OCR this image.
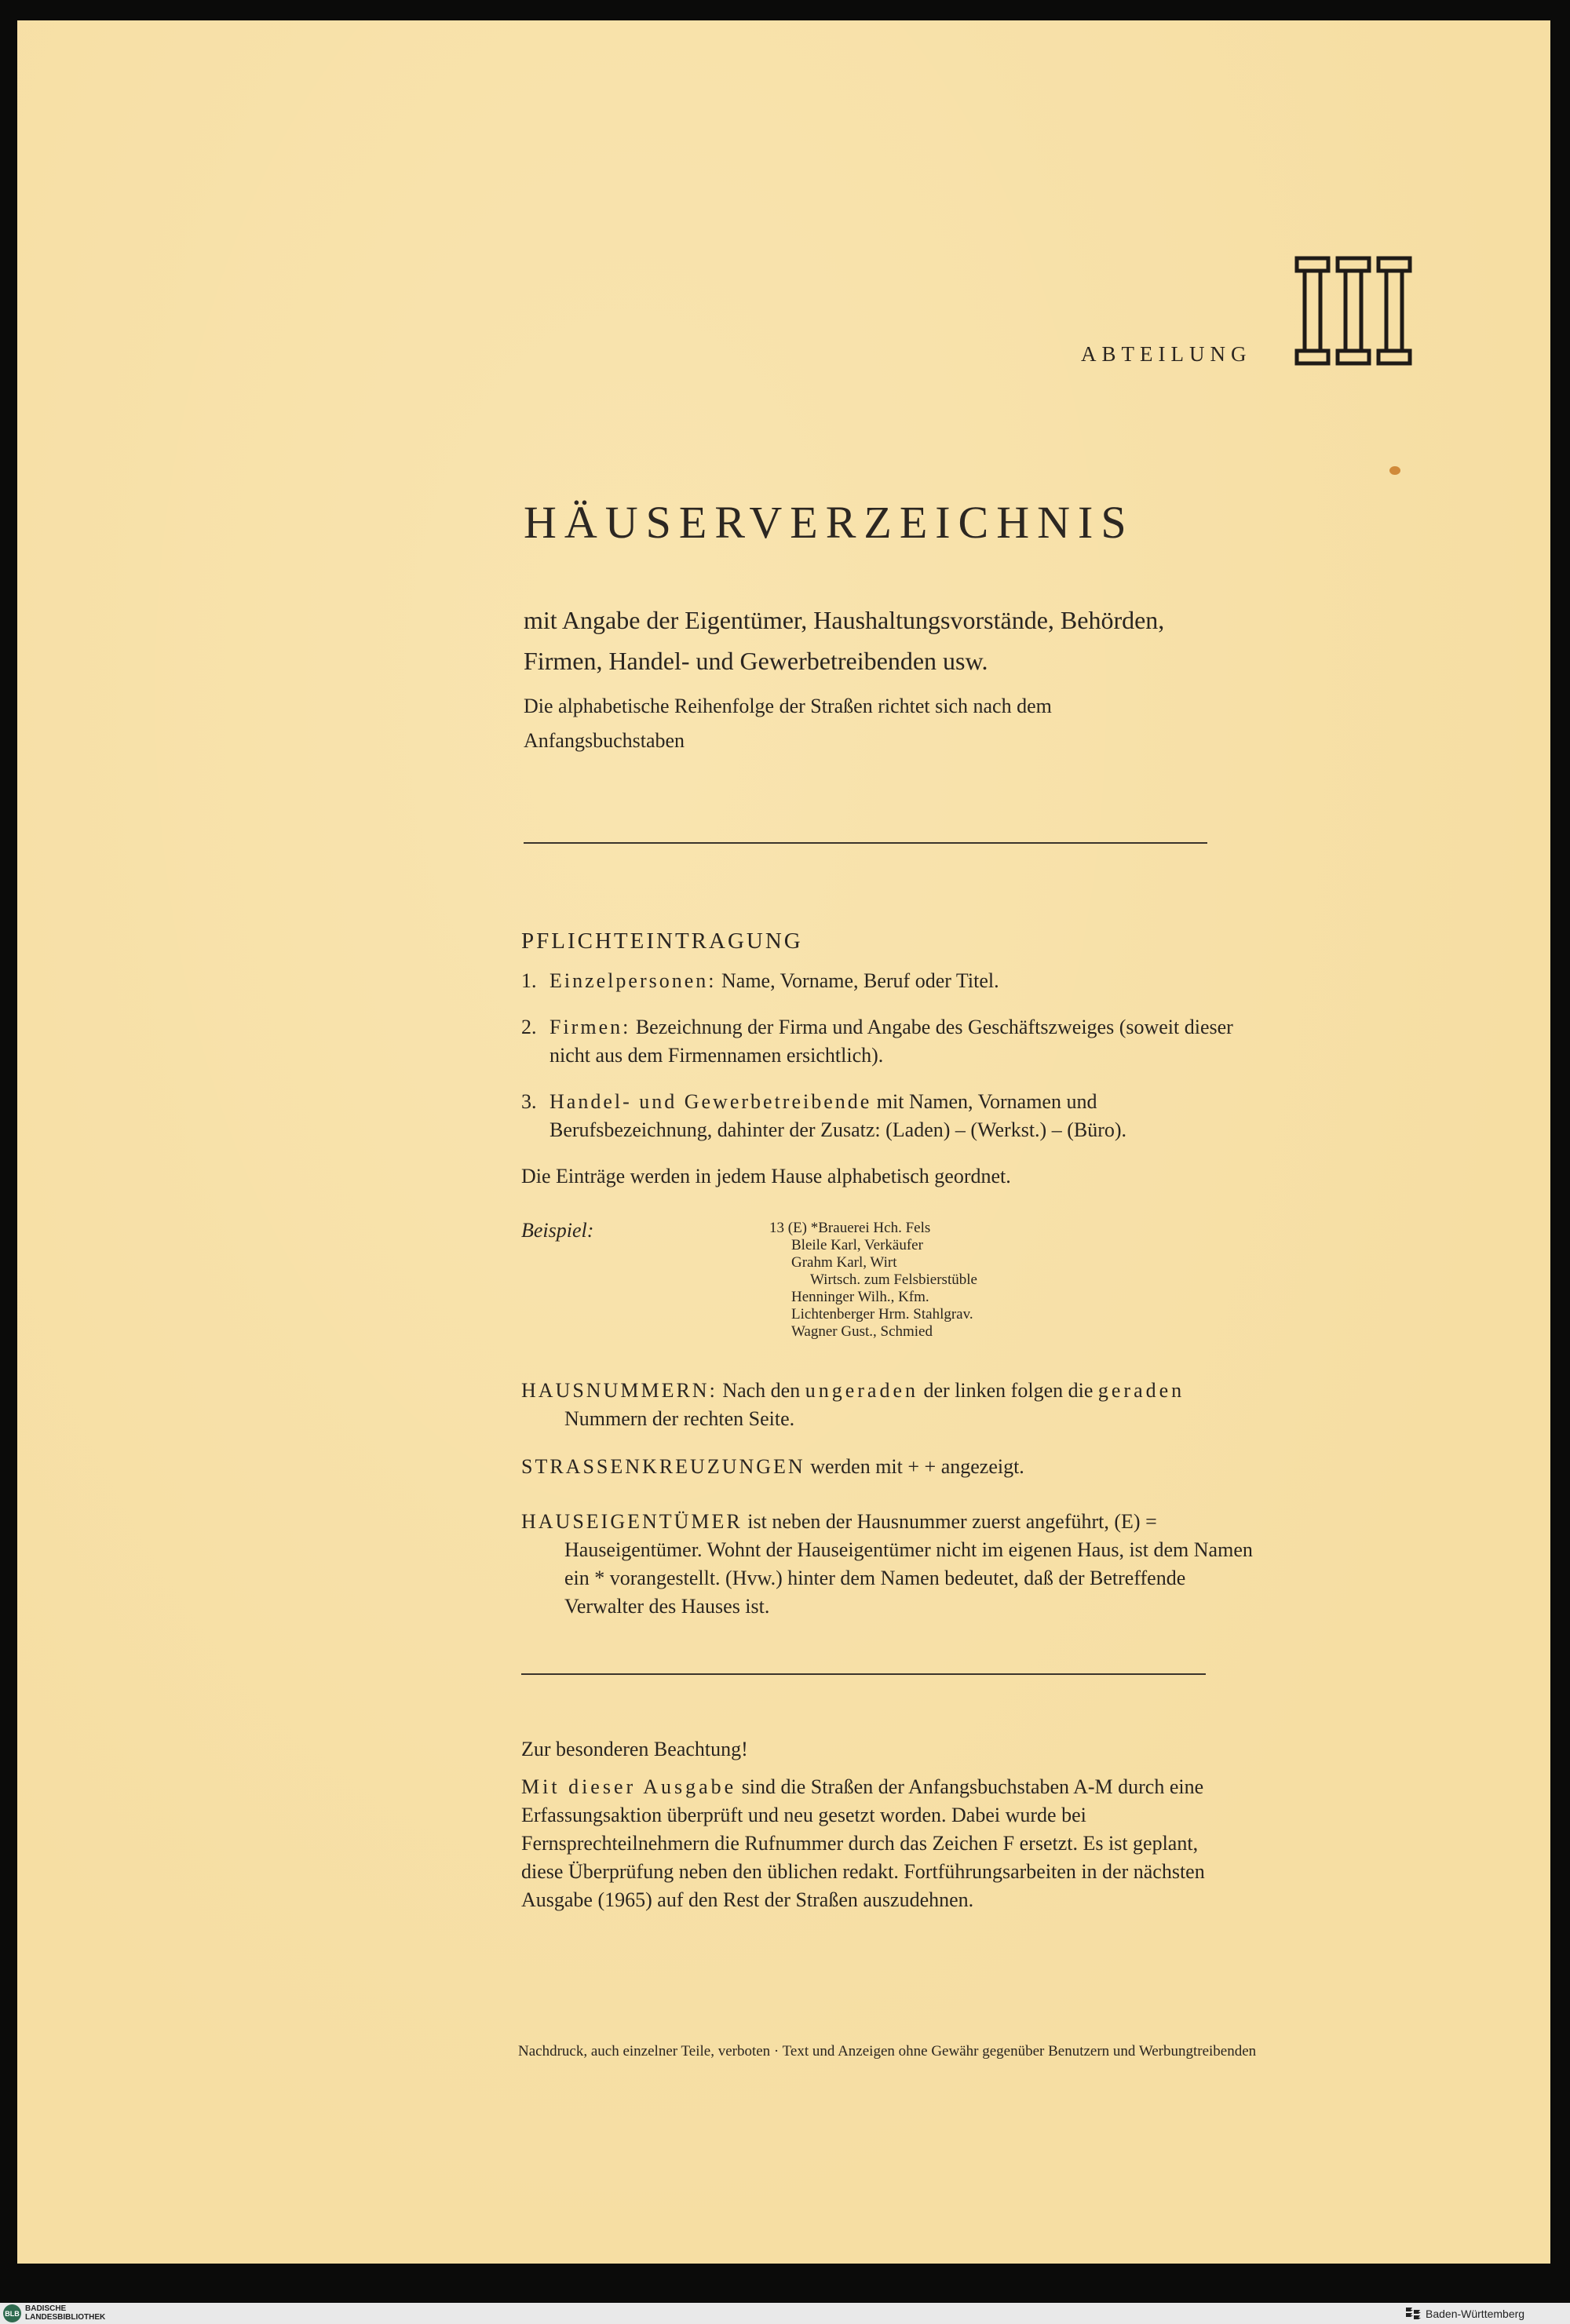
ABTEILUNG
III
HÄUSERVERZEICHNIS
mit Angabe der Eigentümer, Haushaltungsvorstände, Behörden, Firmen, Handel- und Gewerbetreibenden usw.
Die alphabetische Reihenfolge der Straßen richtet sich nach dem Anfangsbuchstaben
PFLICHTEINTRAGUNG
1. Einzelpersonen: Name, Vorname, Beruf oder Titel.
2. Firmen: Bezeichnung der Firma und Angabe des Geschäftszweiges (soweit dieser nicht aus dem Firmennamen ersichtlich).
3. Handel- und Gewerbetreibende mit Namen, Vornamen und Berufsbezeichnung, dahinter der Zusatz: (Laden) – (Werkst.) – (Büro).
Die Einträge werden in jedem Hause alphabetisch geordnet.
Beispiel:	13 (E) *Brauerei Hch. Fels
Bleile Karl, Verkäufer
Grahm Karl, Wirt
Wirtsch. zum Felsbierstüble
Henninger Wilh., Kfm.
Lichtenberger Hrm. Stahlgrav.
Wagner Gust., Schmied
HAUSNUMMERN: Nach den ungeraden der linken folgen die geraden Nummern der rechten Seite.
STRASSENKREUZUNGEN werden mit + + angezeigt.
HAUSEIGENTÜMER ist neben der Hausnummer zuerst angeführt, (E) = Hauseigentümer. Wohnt der Hauseigentümer nicht im eigenen Haus, ist dem Namen ein * vorangestellt. (Hvw.) hinter dem Namen bedeutet, daß der Betreffende Verwalter des Hauses ist.
Zur besonderen Beachtung!
Mit dieser Ausgabe sind die Straßen der Anfangsbuchstaben A-M durch eine Erfassungsaktion überprüft und neu gesetzt worden. Dabei wurde bei Fernsprechteilnehmern die Rufnummer durch das Zeichen F ersetzt. Es ist geplant, diese Überprüfung neben den üblichen redakt. Fortführungsarbeiten in der nächsten Ausgabe (1965) auf den Rest der Straßen auszudehnen.
Nachdruck, auch einzelner Teile, verboten · Text und Anzeigen ohne Gewähr gegenüber Benutzern und Werbungtreibenden
BLB
BADISCHE
LANDESBIBLIOTHEK	Baden-Württemberg
